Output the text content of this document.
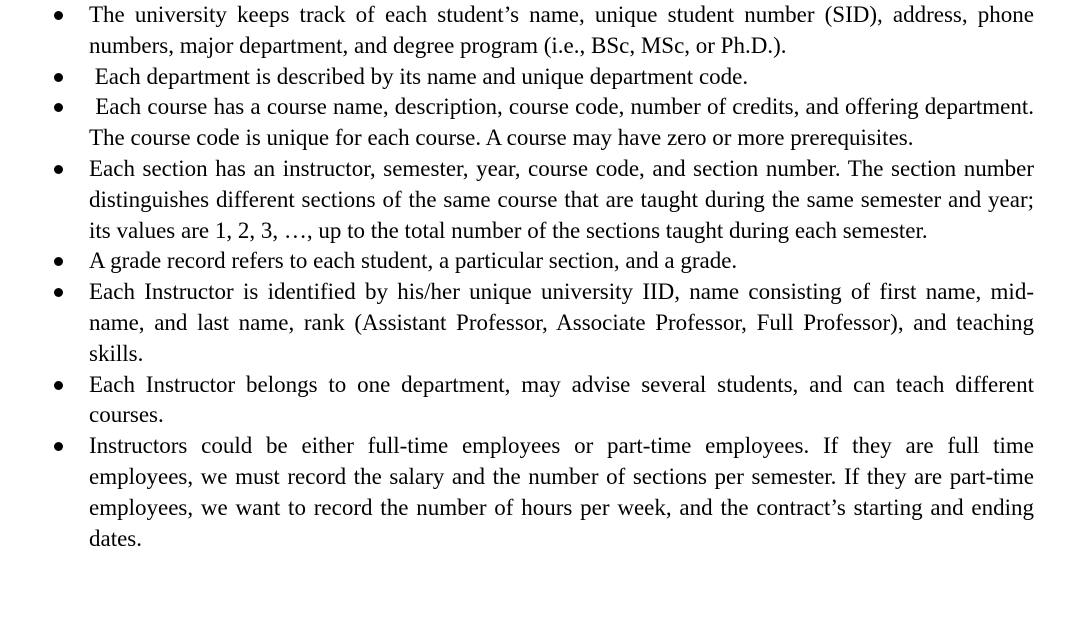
The university keeps track of each student’s name, unique student number (SID), address, phone numbers, major department, and degree program (i.e., BSc, MSc, or Ph.D.).
Each department is described by its name and unique department code.
Each course has a course name, description, course code, number of credits, and offering department. The course code is unique for each course. A course may have zero or more prerequisites.
Each section has an instructor, semester, year, course code, and section number. The section number distinguishes different sections of the same course that are taught during the same semester and year; its values are 1, 2, 3, …, up to the total number of the sections taught during each semester.
A grade record refers to each student, a particular section, and a grade.
Each Instructor is identified by his/her unique university IID, name consisting of first name, mid-name, and last name, rank (Assistant Professor, Associate Professor, Full Professor), and teaching skills.
Each Instructor belongs to one department, may advise several students, and can teach different courses.
Instructors could be either full-time employees or part-time employees. If they are full time employees, we must record the salary and the number of sections per semester. If they are part-time employees, we want to record the number of hours per week, and the contract’s starting and ending dates.
